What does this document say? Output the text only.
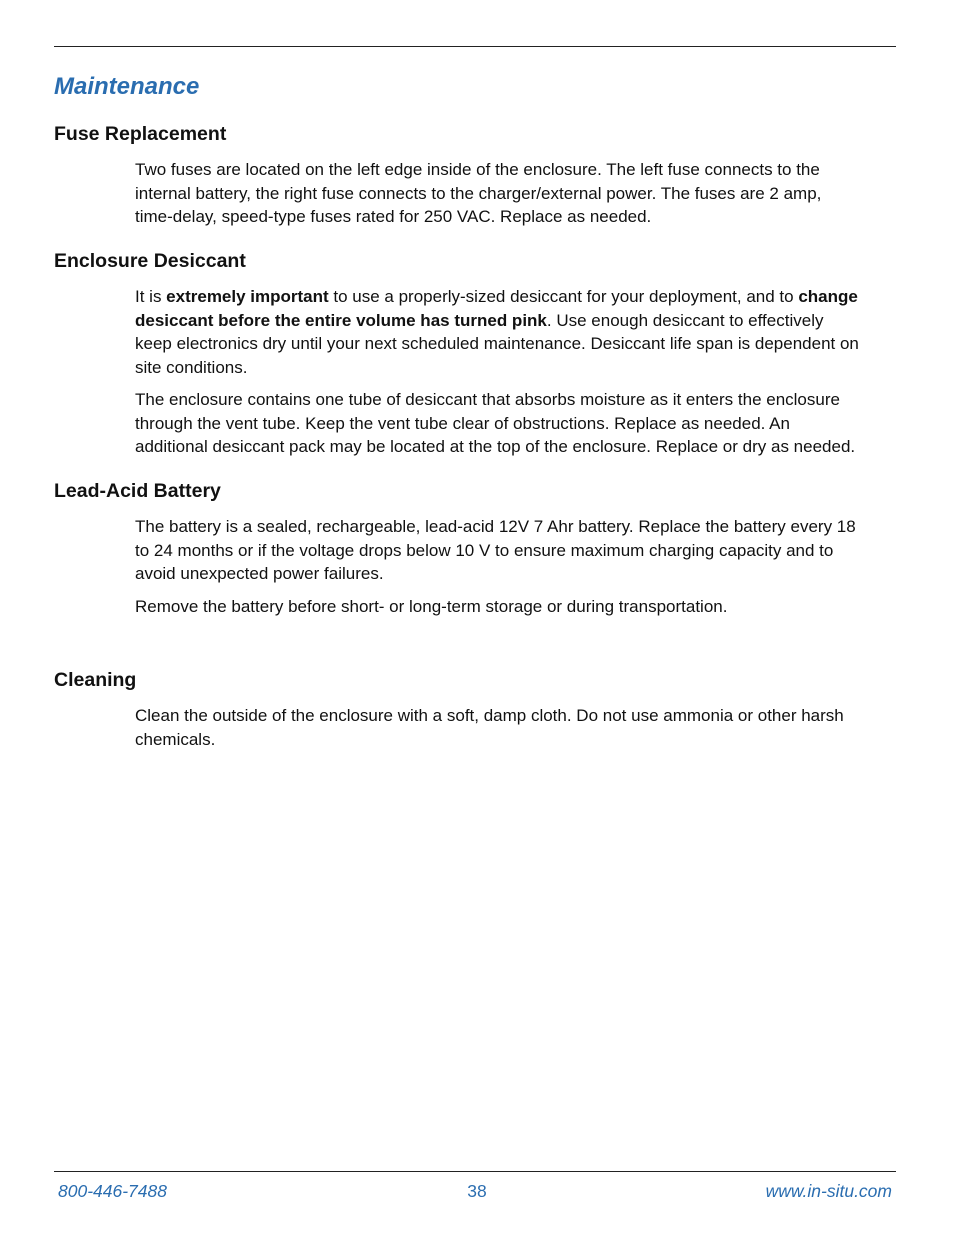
Maintenance
Fuse Replacement

Two fuses are located on the left edge inside of the enclosure. The left fuse connects to the internal battery, the right fuse connects to the charger/external power. The fuses are 2 amp, time-delay, speed-type fuses rated for 250 VAC. Replace as needed.

Enclosure Desiccant

It is extremely important to use a properly-sized desiccant for your deployment, and to change desiccant before the entire volume has turned pink. Use enough desiccant to effectively keep electronics dry until your next scheduled maintenance. Desiccant life span is dependent on site conditions.

The enclosure contains one tube of desiccant that absorbs moisture as it enters the enclosure through the vent tube. Keep the vent tube clear of obstructions. Replace as needed. An additional desiccant pack may be located at the top of the enclosure. Replace or dry as needed.

Lead-Acid Battery

The battery is a sealed, rechargeable, lead-acid 12V 7 Ahr battery. Replace the battery every 18 to 24 months or if the voltage drops below 10 V to ensure maximum charging capacity and to avoid unexpected power failures.

Remove the battery before short- or long-term storage or during transportation.

Cleaning

Clean the outside of the enclosure with a soft, damp cloth. Do not use ammonia or other harsh chemicals.

800-446-7488	38	www.in-situ.com
